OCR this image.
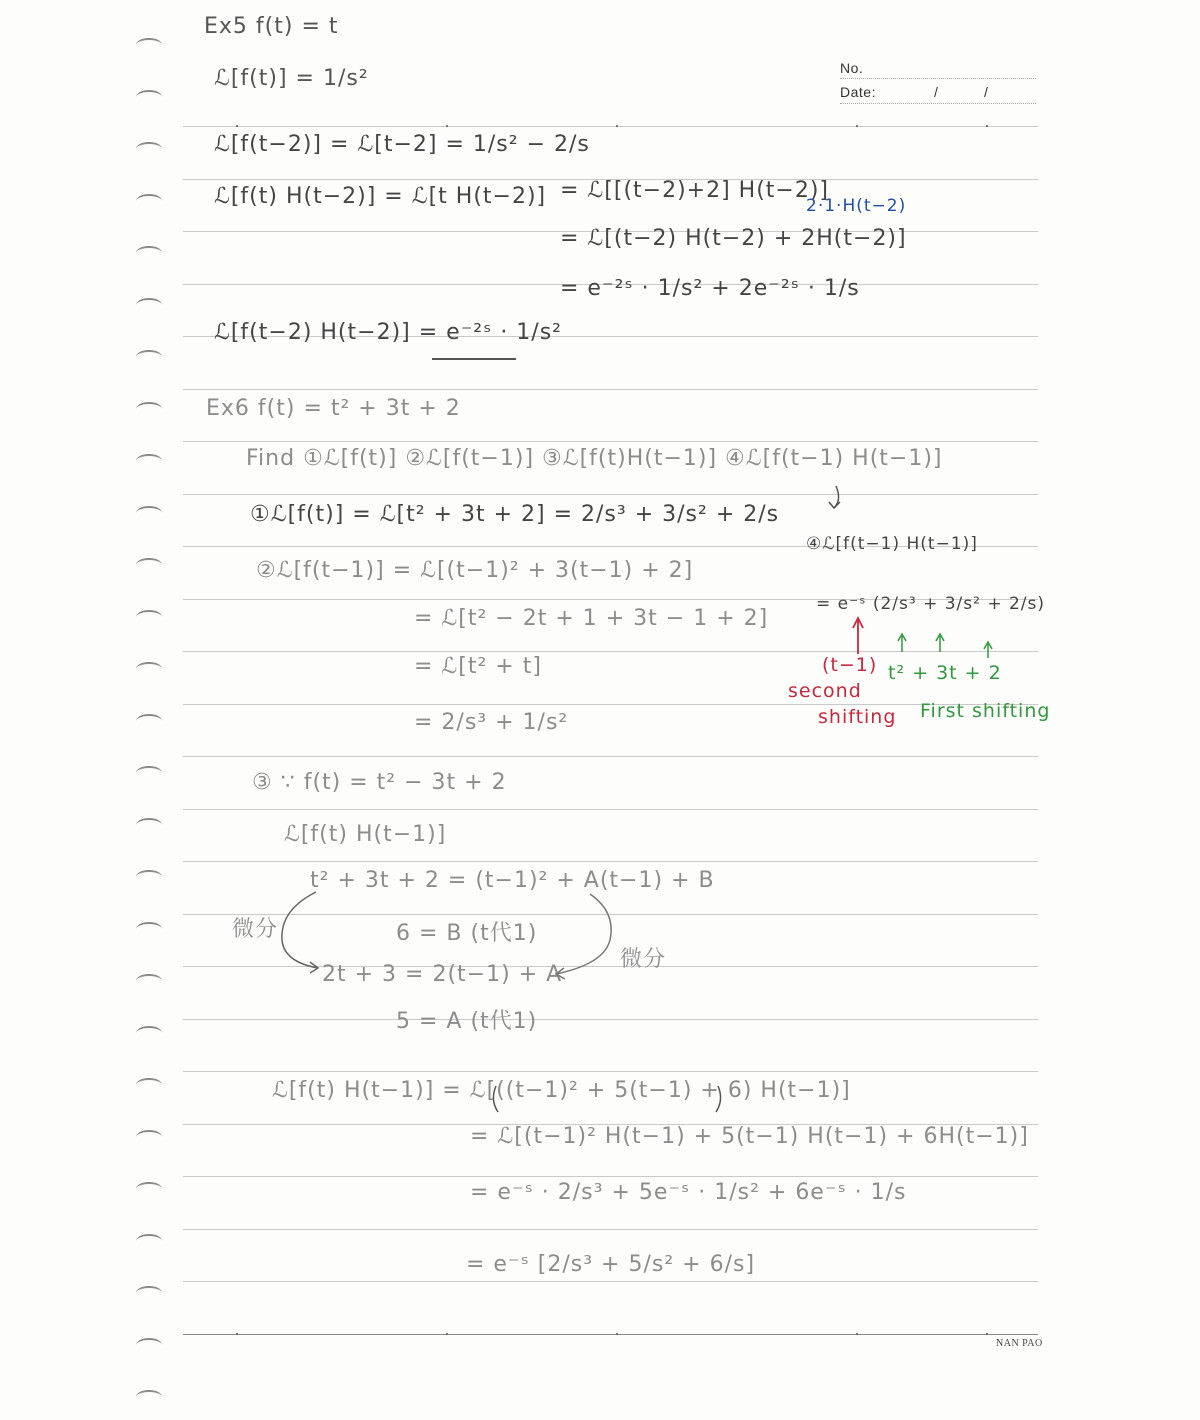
No.
Date:	/	/
Ex5 f(t) = t
ℒ[f(t)] = 1/s²
ℒ[f(t−2)] = ℒ[t−2] = 1/s² − 2/s
ℒ[f(t) H(t−2)] = ℒ[t H(t−2)] = ℒ[[(t−2)+2] H(t−2)]
2·1·H(t−2)
= ℒ[(t−2) H(t−2) + 2H(t−2)]
= e⁻²ˢ · 1/s² + 2e⁻²ˢ · 1/s
ℒ[f(t−2) H(t−2)] = e⁻²ˢ · 1/s²
Ex6 f(t) = t² + 3t + 2
Find ①ℒ[f(t)] ②ℒ[f(t−1)] ③ℒ[f(t)H(t−1)] ④ℒ[f(t−1) H(t−1)]
①ℒ[f(t)] = ℒ[t² + 3t + 2] = 2/s³ + 3/s² + 2/s
②ℒ[f(t−1)] = ℒ[(t−1)² + 3(t−1) + 2]
= ℒ[t² − 2t + 1 + 3t − 1 + 2]
= ℒ[t² + t]
= 2/s³ + 1/s²
④ℒ[f(t−1) H(t−1)]
= e⁻ˢ (2/s³ + 3/s² + 2/s)
(t−1)
second
shifting
t² + 3t + 2
First shifting
③ ∵ f(t) = t² − 3t + 2
ℒ[f(t) H(t−1)]
t² + 3t + 2 = (t−1)² + A(t−1) + B
6 = B (t代1)
微分
微分
2t + 3 = 2(t−1) + A
5 = A (t代1)
ℒ[f(t) H(t−1)] = ℒ[((t−1)² + 5(t−1) + 6) H(t−1)]
= ℒ[(t−1)² H(t−1) + 5(t−1) H(t−1) + 6H(t−1)]
= e⁻ˢ · 2/s³ + 5e⁻ˢ · 1/s² + 6e⁻ˢ · 1/s
= e⁻ˢ [2/s³ + 5/s² + 6/s]
NAN PAO
